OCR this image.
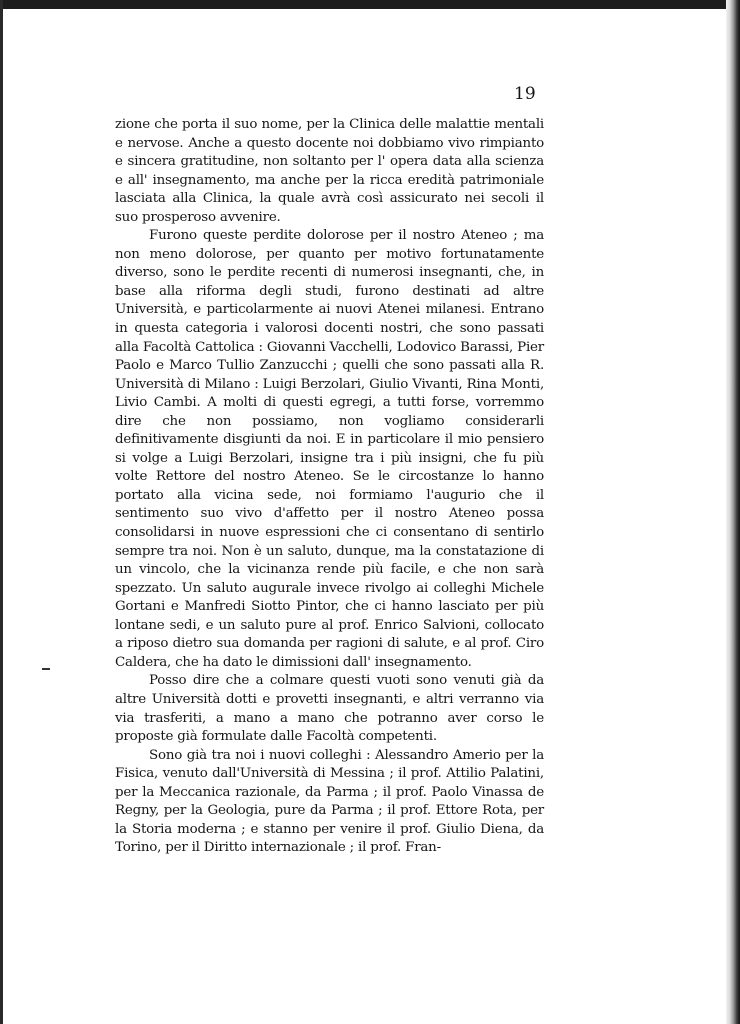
19

zione che porta il suo nome, per la Clinica delle malattie mentali e nervose. Anche a questo docente noi dobbiamo vivo rimpianto e sincera gratitudine, non soltanto per l' opera data alla scienza e all' insegnamento, ma anche per la ricca eredità patrimoniale lasciata alla Clinica, la quale avrà così assicurato nei secoli il suo prosperoso avvenire.

Furono queste perdite dolorose per il nostro Ateneo ; ma non meno dolorose, per quanto per motivo fortunatamente diverso, sono le perdite recenti di numerosi insegnanti, che, in base alla riforma degli studi, furono destinati ad altre Università, e particolarmente ai nuovi Atenei milanesi. Entrano in questa categoria i valorosi docenti nostri, che sono passati alla Facoltà Cattolica : Giovanni Vacchelli, Lodovico Barassi, Pier Paolo e Marco Tullio Zanzucchi ; quelli che sono passati alla R. Università di Milano : Luigi Berzolari, Giulio Vivanti, Rina Monti, Livio Cambi. A molti di questi egregi, a tutti forse, vorremmo dire che non possiamo, non vogliamo considerarli definitivamente disgiunti da noi. E in particolare il mio pensiero si volge a Luigi Berzolari, insigne tra i più insigni, che fu più volte Rettore del nostro Ateneo. Se le circostanze lo hanno portato alla vicina sede, noi formiamo l'augurio che il sentimento suo vivo d'affetto per il nostro Ateneo possa consolidarsi in nuove espressioni che ci consentano di sentirlo sempre tra noi. Non è un saluto, dunque, ma la constatazione di un vincolo, che la vicinanza rende più facile, e che non sarà spezzato. Un saluto augurale invece rivolgo ai colleghi Michele Gortani e Manfredi Siotto Pintor, che ci hanno lasciato per più lontane sedi, e un saluto pure al prof. Enrico Salvioni, collocato a riposo dietro sua domanda per ragioni di salute, e al prof. Ciro Caldera, che ha dato le dimissioni dall' insegnamento.

Posso dire che a colmare questi vuoti sono venuti già da altre Università dotti e provetti insegnanti, e altri verranno via via trasferiti, a mano a mano che potranno aver corso le proposte già formulate dalle Facoltà competenti.

Sono già tra noi i nuovi colleghi : Alessandro Amerio per la Fisica, venuto dall'Università di Messina ; il prof. Attilio Palatini, per la Meccanica razionale, da Parma ; il prof. Paolo Vinassa de Regny, per la Geologia, pure da Parma ; il prof. Ettore Rota, per la Storia moderna ; e stanno per venire il prof. Giulio Diena, da Torino, per il Diritto internazionale ; il prof. Fran-
